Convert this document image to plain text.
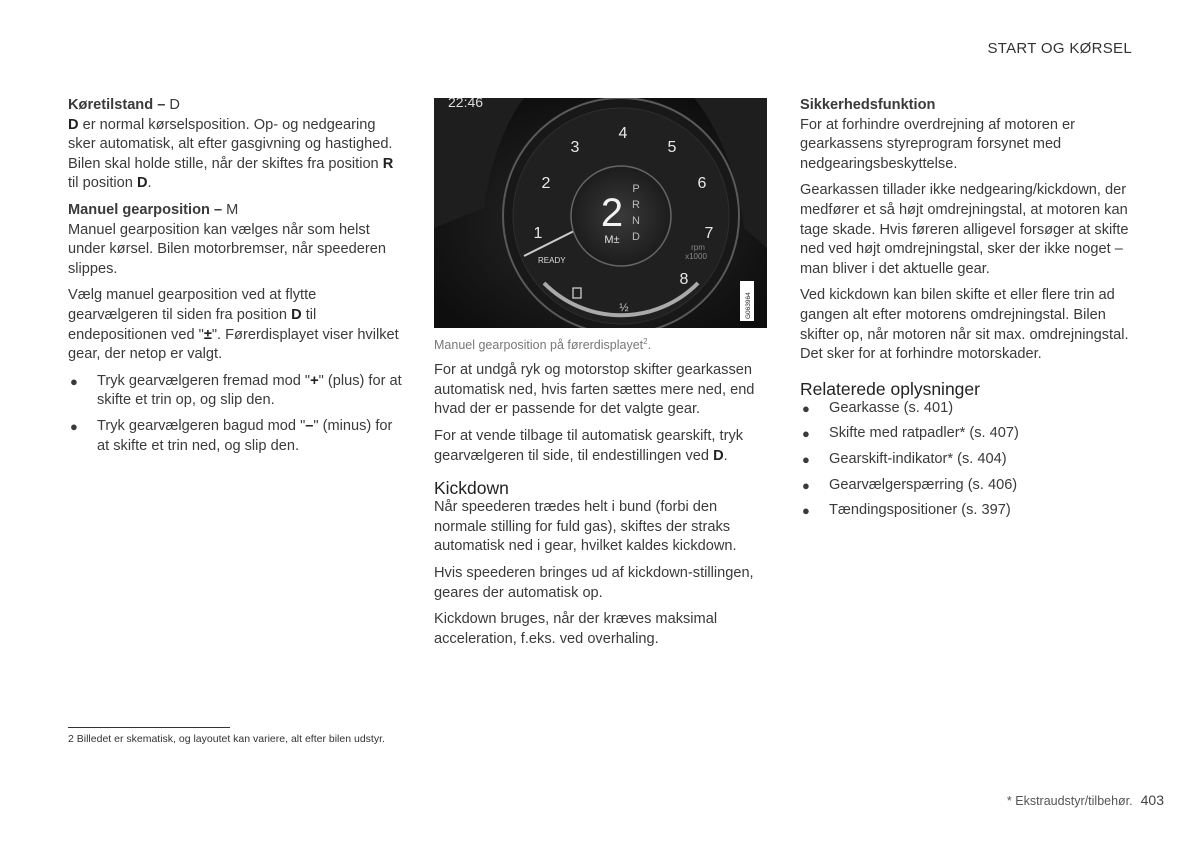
START OG KØRSEL

Køretilstand – D

D er normal kørselsposition. Op- og nedgearing sker automatisk, alt efter gasgivning og hastighed. Bilen skal holde stille, når der skiftes fra position R til position D.

Manuel gearposition – M

Manuel gearposition kan vælges når som helst under kørsel. Bilen motorbremser, når speederen slippes.

Vælg manuel gearposition ved at flytte gearvælgeren til siden fra position D til endepositionen ved "±". Førerdisplayet viser hvilket gear, der netop er valgt.

● Tryk gearvælgeren fremad mod "+" (plus) for at skifte et trin op, og slip den.
● Tryk gearvælgeren bagud mod "–" (minus) for at skifte et trin ned, og slip den.
22:46
1
2
3
4
5
6
7
8
2
M±
P
R
N
D
rpm
x1000
READY
½	G063964

Manuel gearposition på førerdisplayet$^2$.

For at undgå ryk og motorstop skifter gearkassen automatisk ned, hvis farten sættes mere ned, end hvad der er passende for det valgte gear.

For at vende tilbage til automatisk gearskift, tryk gearvælgeren til side, til endestillingen ved D.

Kickdown

Når speederen trædes helt i bund (forbi den normale stilling for fuld gas), skiftes der straks automatisk ned i gear, hvilket kaldes kickdown.

Hvis speederen bringes ud af kickdown-stillingen, geares der automatisk op.

Kickdown bruges, når der kræves maksimal acceleration, f.eks. ved overhaling.

Sikkerhedsfunktion

For at forhindre overdrejning af motoren er gearkassens styreprogram forsynet med nedgearingsbeskyttelse.

Gearkassen tillader ikke nedgearing/kickdown, der medfører et så højt omdrejningstal, at motoren kan tage skade. Hvis føreren alligevel forsøger at skifte ned ved højt omdrejningstal, sker der ikke noget – man bliver i det aktuelle gear.

Ved kickdown kan bilen skifte et eller flere trin ad gangen alt efter motorens omdrejningstal. Bilen skifter op, når motoren når sit max. omdrejningstal. Det sker for at forhindre motorskader.

Relaterede oplysninger
● Gearkasse (s. 401)
● Skifte med ratpadler* (s. 407)
● Gearskift-indikator* (s. 404)
● Gearvælgerspærring (s. 406)
● Tændingspositioner (s. 397)
2 Billedet er skematisk, og layoutet kan variere, alt efter bilen udstyr.
* Ekstraudstyr/tilbehør. 403
